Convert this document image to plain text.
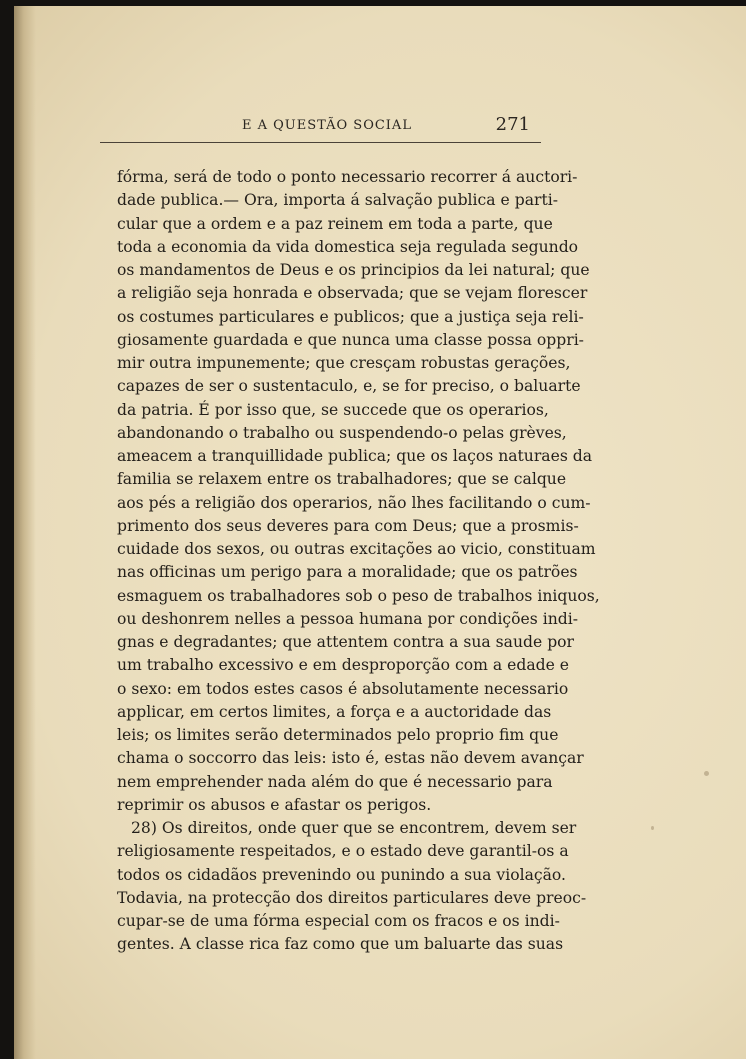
E A QUESTÃO SOCIAL	271
fórma, será de todo o ponto necessario recorrer á auctori-
dade publica.— Ora, importa á salvação publica e parti-
cular que a ordem e a paz reinem em toda a parte, que
toda a economia da vida domestica seja regulada segundo
os mandamentos de Deus e os principios da lei natural; que
a religião seja honrada e observada; que se vejam florescer
os costumes particulares e publicos; que a justiça seja reli-
giosamente guardada e que nunca uma classe possa oppri-
mir outra impunemente; que cresçam robustas gerações,
capazes de ser o sustentaculo, e, se for preciso, o baluarte
da patria. É por isso que, se succede que os operarios,
abandonando o trabalho ou suspendendo-o pelas grèves,
ameacem a tranquillidade publica; que os laços naturaes da
familia se relaxem entre os trabalhadores; que se calque
aos pés a religião dos operarios, não lhes facilitando o cum-
primento dos seus deveres para com Deus; que a prosmis-
cuidade dos sexos, ou outras excitações ao vicio, constituam
nas officinas um perigo para a moralidade; que os patrões
esmaguem os trabalhadores sob o peso de trabalhos iniquos,
ou deshonrem nelles a pessoa humana por condições indi-
gnas e degradantes; que attentem contra a sua saude por
um trabalho excessivo e em desproporção com a edade e
o sexo: em todos estes casos é absolutamente necessario
applicar, em certos limites, a força e a auctoridade das
leis; os limites serão determinados pelo proprio fim que
chama o soccorro das leis: isto é, estas não devem avançar
nem emprehender nada além do que é necessario para
reprimir os abusos e afastar os perigos.
28) Os direitos, onde quer que se encontrem, devem ser
religiosamente respeitados, e o estado deve garantil-os a
todos os cidadãos prevenindo ou punindo a sua violação.
Todavia, na protecção dos direitos particulares deve preoc-
cupar-se de uma fórma especial com os fracos e os indi-
gentes. A classe rica faz como que um baluarte das suas
